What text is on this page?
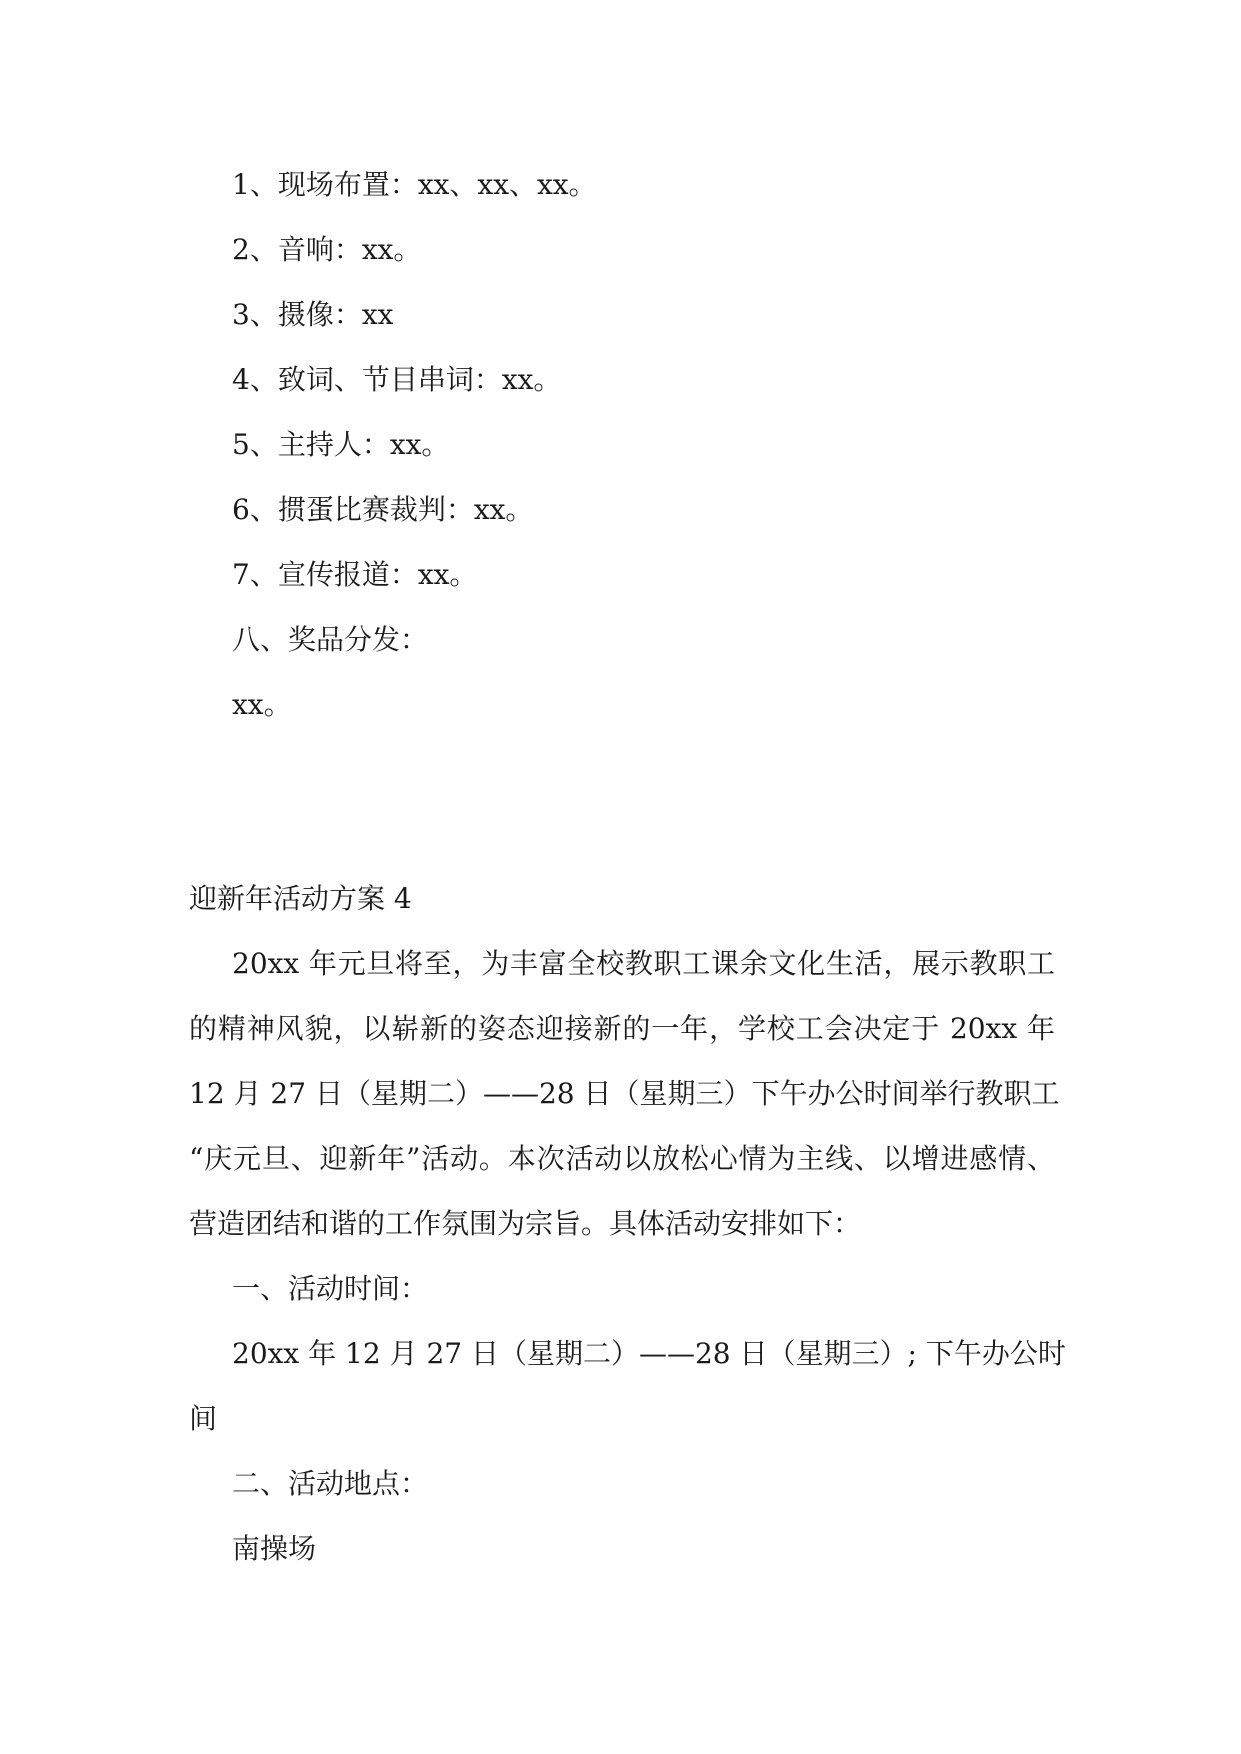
1、现场布置：xx、xx、xx。
2、音响：xx。
3、摄像：xx
4、致词、节目串词：xx。
5、主持人：xx。
6、掼蛋比赛裁判：xx。
7、宣传报道：xx。
八、奖品分发：
xx。
迎新年活动方案 4
20xx 年元旦将至，为丰富全校教职工课余文化生活，展示教职工
的精神风貌，以崭新的姿态迎接新的一年，学校工会决定于 20xx 年
12 月 27 日（星期二）——28 日（星期三）下午办公时间举行教职工
“庆元旦、迎新年”活动。本次活动以放松心情为主线、以增进感情、
营造团结和谐的工作氛围为宗旨。具体活动安排如下：
一、活动时间：
20xx 年 12 月 27 日（星期二）——28 日（星期三）; 下午办公时
间
二、活动地点：
南操场
